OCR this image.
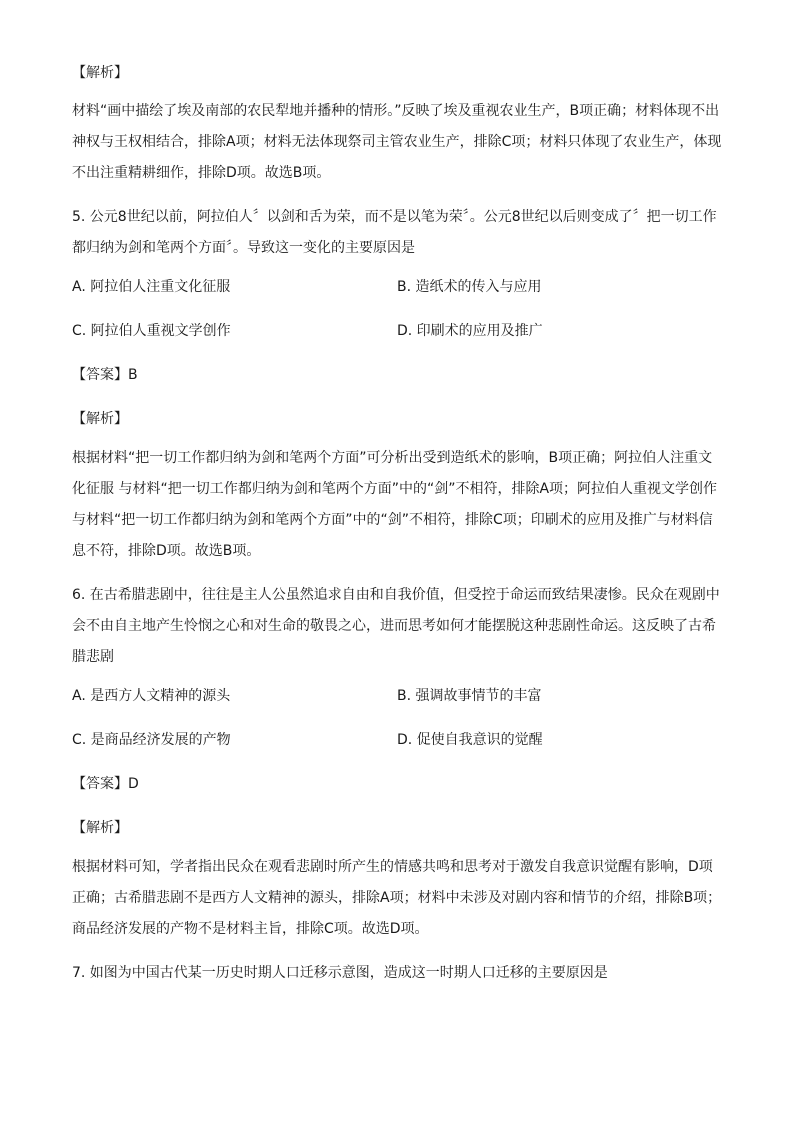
【解析】

材料“画中描绘了埃及南部的农民犁地并播种的情形。”反映了埃及重视农业生产，B项正确；材料体现不出神权与王权相结合，排除A项；材料无法体现祭司主管农业生产，排除C项；材料只体现了农业生产，体现不出注重精耕细作，排除D项。故选B项。

5. 公元8世纪以前，阿拉伯人〞以剑和舌为荣，而不是以笔为荣〞。公元8世纪以后则变成了〞把一切工作都归纳为剑和笔两个方面〞。导致这一变化的主要原因是

A. 阿拉伯人注重文化征服	B. 造纸术的传入与应用
C. 阿拉伯人重视文学创作	D. 印刷术的应用及推广

【答案】B

【解析】

根据材料“把一切工作都归纳为剑和笔两个方面”可分析出受到造纸术的影响，B项正确；阿拉伯人注重文化征服 与材料“把一切工作都归纳为剑和笔两个方面”中的“剑”不相符，排除A项；阿拉伯人重视文学创作与材料“把一切工作都归纳为剑和笔两个方面”中的“剑”不相符，排除C项；印刷术的应用及推广与材料信息不符，排除D项。故选B项。

6. 在古希腊悲剧中，往往是主人公虽然追求自由和自我价值，但受控于命运而致结果凄惨。民众在观剧中会不由自主地产生怜悯之心和对生命的敬畏之心，进而思考如何才能摆脱这种悲剧性命运。这反映了古希腊悲剧

A. 是西方人文精神的源头	B. 强调故事情节的丰富
C. 是商品经济发展的产物	D. 促使自我意识的觉醒

【答案】D

【解析】

根据材料可知，学者指出民众在观看悲剧时所产生的情感共鸣和思考对于激发自我意识觉醒有影响，D项正确；古希腊悲剧不是西方人文精神的源头，排除A项；材料中未涉及对剧内容和情节的介绍，排除B项；商品经济发展的产物不是材料主旨，排除C项。故选D项。

7. 如图为中国古代某一历史时期人口迁移示意图，造成这一时期人口迁移的主要原因是
